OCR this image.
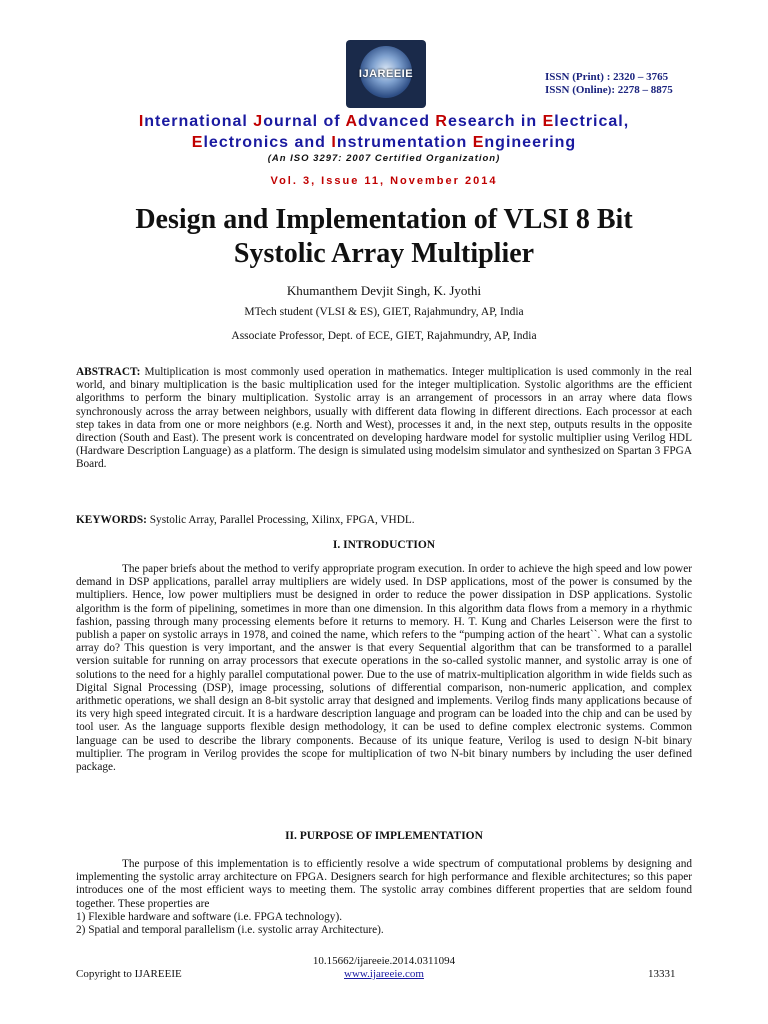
IJAREEIE	ISSN (Print) : 2320 – 3765
ISSN (Online): 2278 – 8875
International Journal of Advanced Research in Electrical,
Electronics and Instrumentation Engineering
(An ISO 3297: 2007 Certified Organization)
Vol. 3, Issue 11, November 2014
Design and Implementation of VLSI 8 Bit
Systolic Array Multiplier
Khumanthem Devjit Singh, K. Jyothi
MTech student (VLSI & ES), GIET, Rajahmundry, AP, India
Associate Professor, Dept. of ECE, GIET, Rajahmundry, AP, India
ABSTRACT: Multiplication is most commonly used operation in mathematics. Integer multiplication is used commonly in the real world, and binary multiplication is the basic multiplication used for the integer multiplication. Systolic algorithms are the efficient algorithms to perform the binary multiplication. Systolic array is an arrangement of processors in an array where data flows synchronously across the array between neighbors, usually with different data flowing in different directions. Each processor at each step takes in data from one or more neighbors (e.g. North and West), processes it and, in the next step, outputs results in the opposite direction (South and East). The present work is concentrated on developing hardware model for systolic multiplier using Verilog HDL (Hardware Description Language) as a platform. The design is simulated using modelsim simulator and synthesized on Spartan 3 FPGA Board.
KEYWORDS: Systolic Array, Parallel Processing, Xilinx, FPGA, VHDL.
I. INTRODUCTION
The paper briefs about the method to verify appropriate program execution. In order to achieve the high speed and low power demand in DSP applications, parallel array multipliers are widely used. In DSP applications, most of the power is consumed by the multipliers. Hence, low power multipliers must be designed in order to reduce the power dissipation in DSP applications. Systolic algorithm is the form of pipelining, sometimes in more than one dimension. In this algorithm data flows from a memory in a rhythmic fashion, passing through many processing elements before it returns to memory. H. T. Kung and Charles Leiserson were the first to publish a paper on systolic arrays in 1978, and coined the name, which refers to the “pumping action of the heart``. What can a systolic array do? This question is very important, and the answer is that every Sequential algorithm that can be transformed to a parallel version suitable for running on array processors that execute operations in the so-called systolic manner, and systolic array is one of solutions to the need for a highly parallel computational power. Due to the use of matrix-multiplication algorithm in wide fields such as Digital Signal Processing (DSP), image processing, solutions of differential comparison, non-numeric application, and complex arithmetic operations, we shall design an 8-bit systolic array that designed and implements. Verilog finds many applications because of its very high speed integrated circuit. It is a hardware description language and program can be loaded into the chip and can be used by tool user. As the language supports flexible design methodology, it can be used to define complex electronic systems. Common language can be used to describe the library components. Because of its unique feature, Verilog is used to design N-bit binary multiplier. The program in Verilog provides the scope for multiplication of two N-bit binary numbers by including the user defined package.
II. PURPOSE OF IMPLEMENTATION
The purpose of this implementation is to efficiently resolve a wide spectrum of computational problems by designing and implementing the systolic array architecture on FPGA. Designers search for high performance and flexible architectures; so this paper introduces one of the most efficient ways to meeting them. The systolic array combines different properties that are seldom found together. These properties are
1) Flexible hardware and software (i.e. FPGA technology).
2) Spatial and temporal parallelism (i.e. systolic array Architecture).
10.15662/ijareeie.2014.0311094
Copyright to IJAREEIE	www.ijareeie.com	13331
